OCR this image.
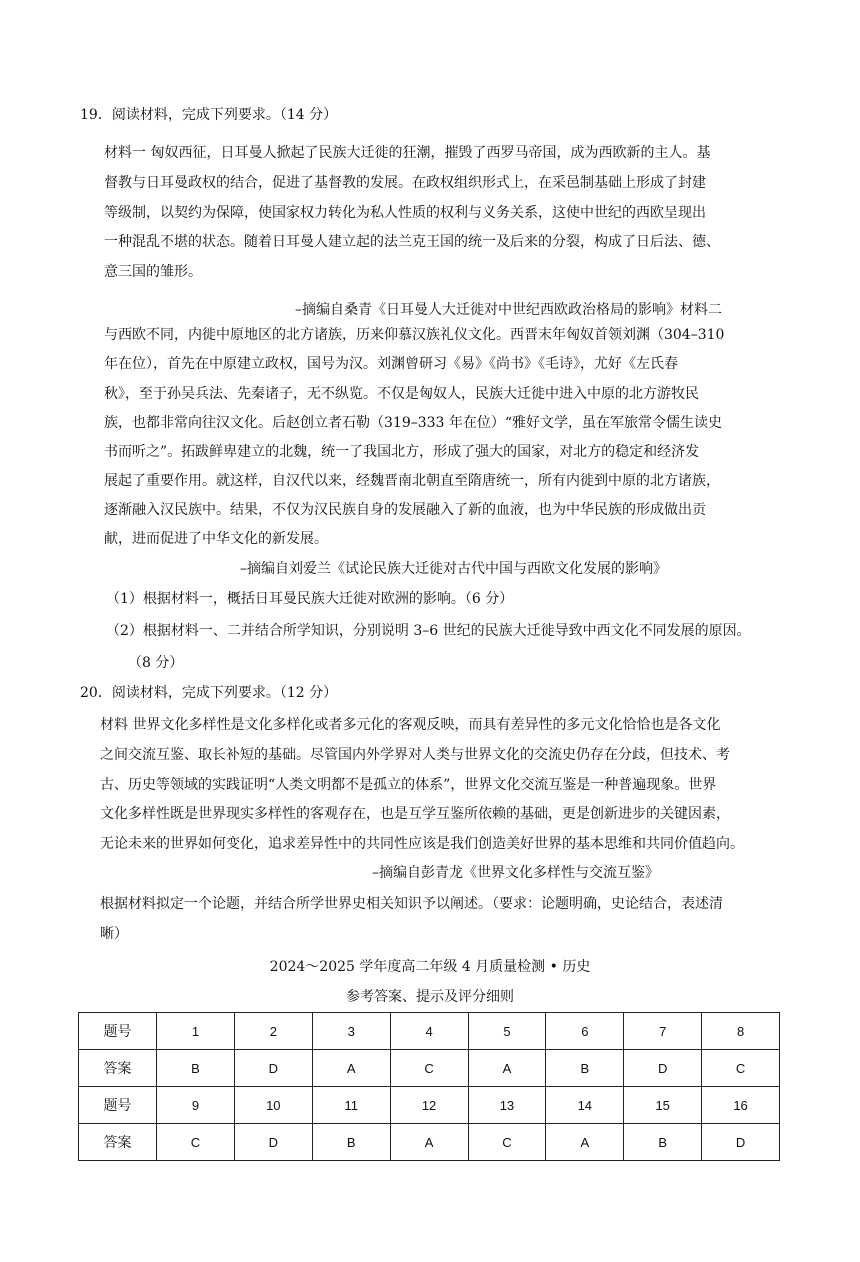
19．阅读材料，完成下列要求。（14 分）
材料一 匈奴西征，日耳曼人掀起了民族大迁徙的狂潮，摧毁了西罗马帝国，成为西欧新的主人。基
督教与日耳曼政权的结合，促进了基督教的发展。在政权组织形式上，在采邑制基础上形成了封建
等级制，以契约为保障，使国家权力转化为私人性质的权利与义务关系，这使中世纪的西欧呈现出
一种混乱不堪的状态。随着日耳曼人建立起的法兰克王国的统一及后来的分裂，构成了日后法、德、
意三国的雏形。
–摘编自桑青《日耳曼人大迁徙对中世纪西欧政治格局的影响》材料二
与西欧不同，内徙中原地区的北方诸族，历来仰慕汉族礼仪文化。西晋末年匈奴首领刘渊（304–310
年在位），首先在中原建立政权，国号为汉。刘渊曾研习《易》《尚书》《毛诗》，尤好《左氏春
秋》，至于孙吴兵法、先秦诸子，无不纵览。不仅是匈奴人，民族大迁徙中进入中原的北方游牧民
族，也都非常向往汉文化。后赵创立者石勒（319–333 年在位）“雅好文学，虽在军旅常令儒生读史
书而听之”。拓跋鲜卑建立的北魏，统一了我国北方，形成了强大的国家，对北方的稳定和经济发
展起了重要作用。就这样，自汉代以来，经魏晋南北朝直至隋唐统一，所有内徙到中原的北方诸族，
逐渐融入汉民族中。结果，不仅为汉民族自身的发展融入了新的血液，也为中华民族的形成做出贡
献，进而促进了中华文化的新发展。
–摘编自刘爱兰《试论民族大迁徙对古代中国与西欧文化发展的影响》
（1）根据材料一，概括日耳曼民族大迁徙对欧洲的影响。（6 分）
（2）根据材料一、二并结合所学知识，分别说明 3–6 世纪的民族大迁徙导致中西文化不同发展的原因。
（8 分）
20．阅读材料，完成下列要求。（12 分）
材料 世界文化多样性是文化多样化或者多元化的客观反映，而具有差异性的多元文化恰恰也是各文化
之间交流互鉴、取长补短的基础。尽管国内外学界对人类与世界文化的交流史仍存在分歧，但技术、考
古、历史等领域的实践证明“人类文明都不是孤立的体系”，世界文化交流互鉴是一种普遍现象。世界
文化多样性既是世界现实多样性的客观存在，也是互学互鉴所依赖的基础，更是创新进步的关键因素，
无论未来的世界如何变化，追求差异性中的共同性应该是我们创造美好世界的基本思维和共同价值趋向。
–摘编自彭青龙《世界文化多样性与交流互鉴》
根据材料拟定一个论题，并结合所学世界史相关知识予以阐述。（要求：论题明确，史论结合，表述清
晰）
2024～2025 学年度高二年级 4 月质量检测 • 历史
参考答案、提示及评分细则
题号	1	2	3	4	5	6	7	8
答案	B	D	A	C	A	B	D	C
题号	9	10	11	12	13	14	15	16
答案	C	D	B	A	C	A	B	D
